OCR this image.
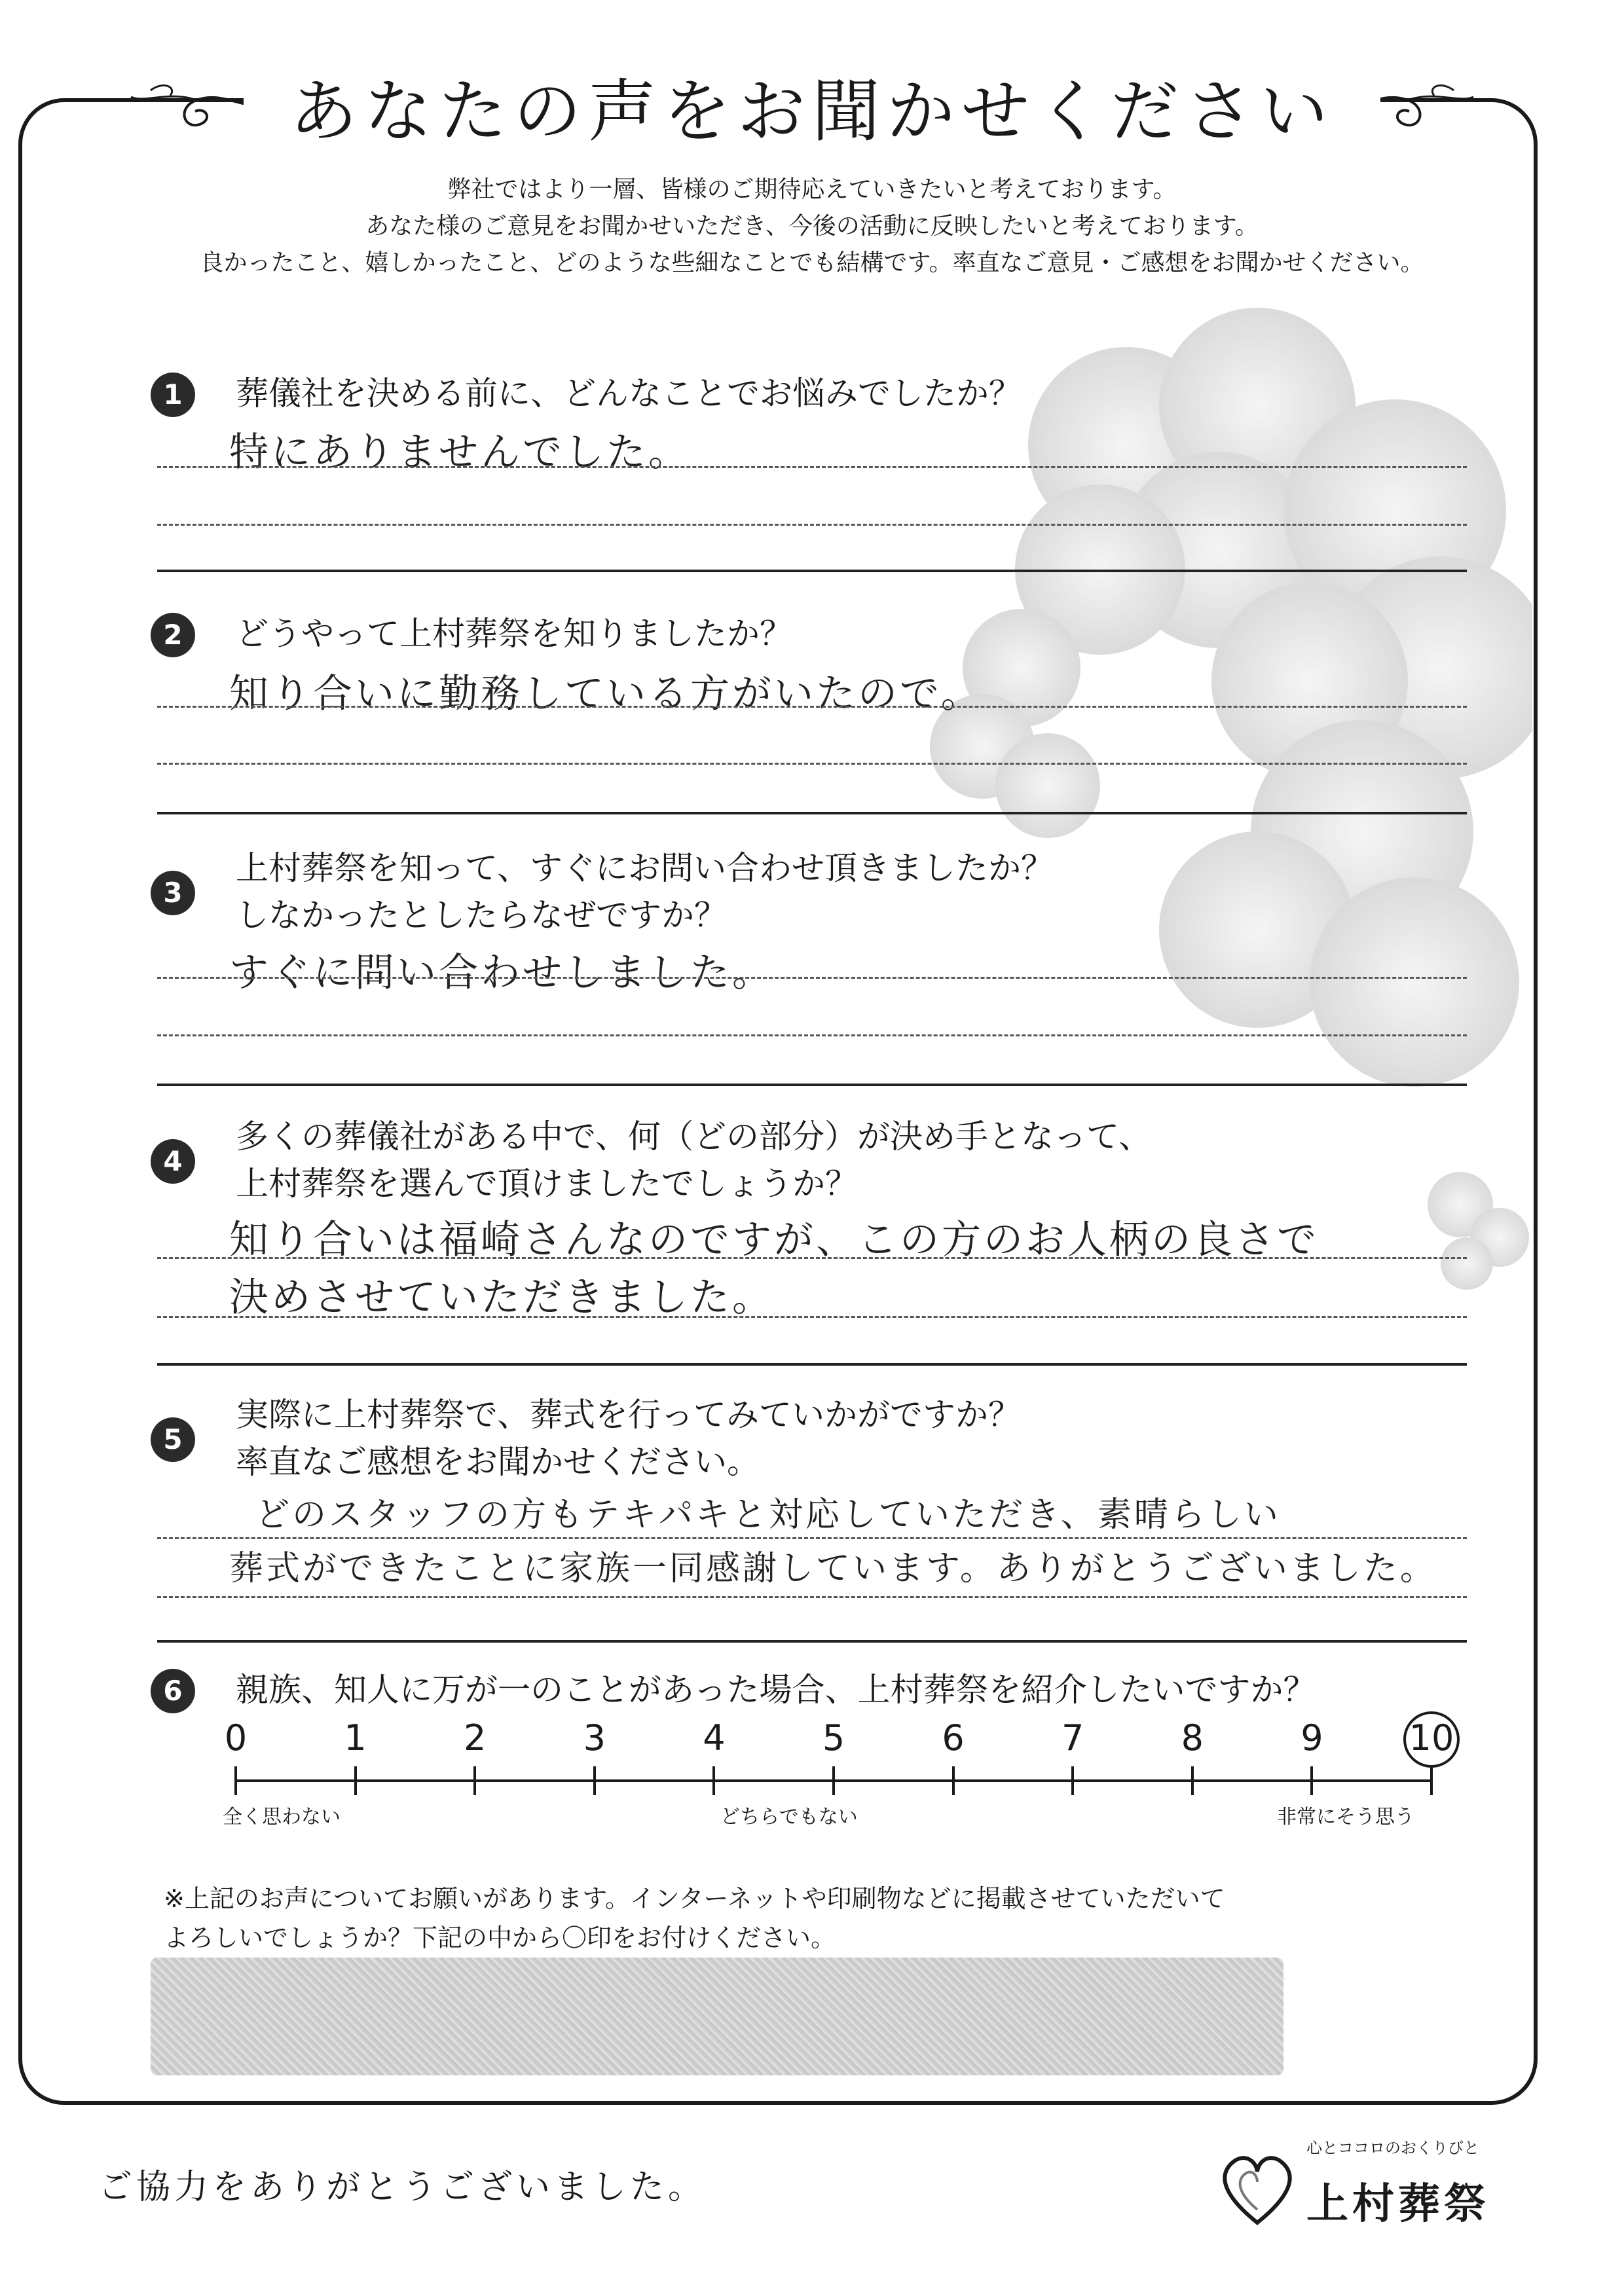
あなたの声をお聞かせください
弊社ではより一層、皆様のご期待応えていきたいと考えております。
あなた様のご意見をお聞かせいただき、今後の活動に反映したいと考えております。
良かったこと、嬉しかったこと、どのような些細なことでも結構です。率直なご意見・ご感想をお聞かせください。
1	葬儀社を決める前に、どんなことでお悩みでしたか？
特にありませんでした。
2	どうやって上村葬祭を知りましたか？
知り合いに勤務している方がいたので。
3
上村葬祭を知って、すぐにお問い合わせ頂きましたか？
しなかったとしたらなぜですか？
すぐに問い合わせしました。
4
多くの葬儀社がある中で、何（どの部分）が決め手となって、
上村葬祭を選んで頂けましたでしょうか？
知り合いは福崎さんなのですが、この方のお人柄の良さで
決めさせていただきました。
5
実際に上村葬祭で、葬式を行ってみていかがですか？
率直なご感想をお聞かせください。
どのスタッフの方もテキパキと対応していただき、素晴らしい
葬式ができたことに家族一同感謝しています。ありがとうございました。
6	親族、知人に万が一のことがあった場合、上村葬祭を紹介したいですか？
0	1	2	3	4	5	6	7	8	9	10
全く思わない	どちらでもない	非常にそう思う
※上記のお声についてお願いがあります。インターネットや印刷物などに掲載させていただいて
よろしいでしょうか？下記の中から〇印をお付けください。
ご協力をありがとうございました。
心とココロのおくりびと
上村葬祭
